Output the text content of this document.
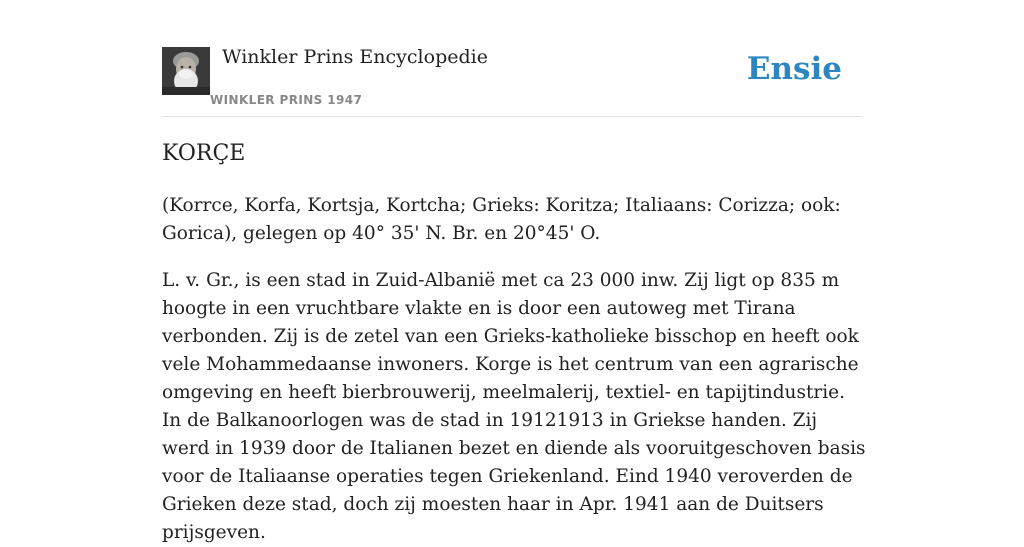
Winkler Prins Encyclopedie
WINKLER PRINS 1947
Ensie
KORÇE

(Korrce, Korfa, Kortsja, Kortcha; Grieks: Koritza; Italiaans: Corizza; ook: Gorica), gelegen op 40° 35' N. Br. en 20°45' O.

L. v. Gr., is een stad in Zuid-Albanië met ca 23 000 inw. Zij ligt op 835 m hoogte in een vruchtbare vlakte en is door een autoweg met Tirana verbonden. Zij is de zetel van een Grieks-katholieke bisschop en heeft ook vele Mohammedaanse inwoners. Korge is het centrum van een agrarische omgeving en heeft bierbrouwerij, meelmalerij, textiel- en tapijtindustrie. In de Balkanoorlogen was de stad in 19121913 in Griekse handen. Zij werd in 1939 door de Italianen bezet en diende als vooruitgeschoven basis voor de Italiaanse operaties tegen Griekenland. Eind 1940 veroverden de Grieken deze stad, doch zij moesten haar in Apr. 1941 aan de Duitsers prijsgeven.
